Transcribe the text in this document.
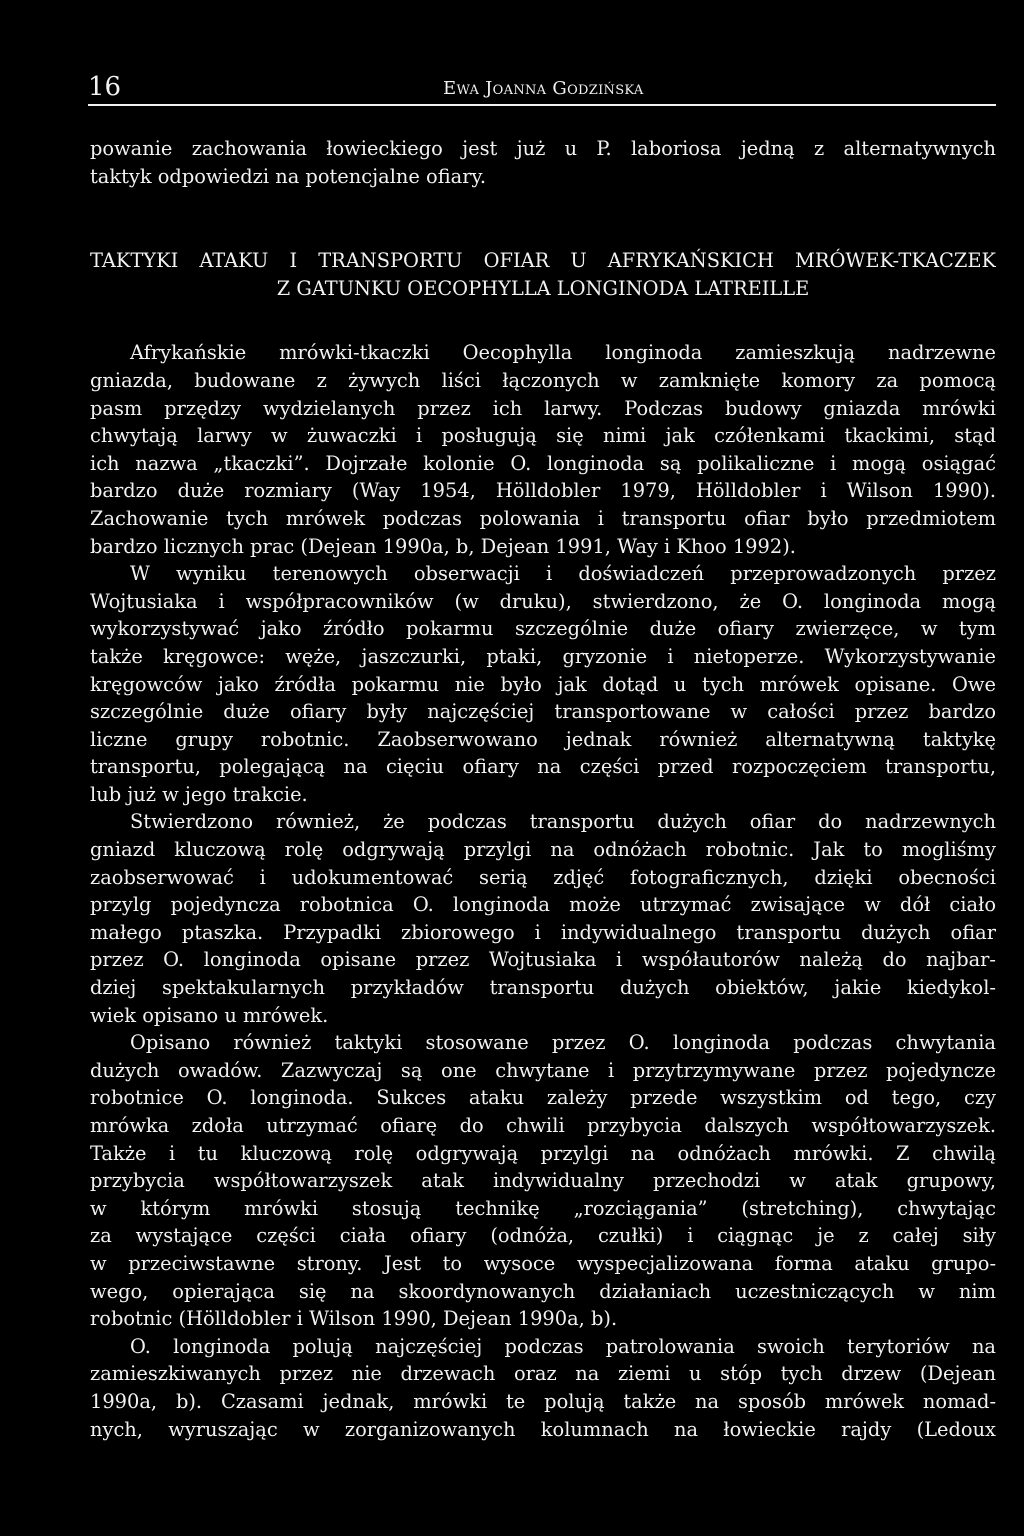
16	Ewa Joanna Godzińska
powanie zachowania łowieckiego jest już u P. laboriosa jedną z alternatywnych
taktyk odpowiedzi na potencjalne ofiary.
TAKTYKI ATAKU I TRANSPORTU OFIAR U AFRYKAŃSKICH MRÓWEK-TKACZEK
Z GATUNKU OECOPHYLLA LONGINODA LATREILLE
Afrykańskie mrówki-tkaczki Oecophylla longinoda zamieszkują nadrzewne
gniazda, budowane z żywych liści łączonych w zamknięte komory za pomocą
pasm przędzy wydzielanych przez ich larwy. Podczas budowy gniazda mrówki
chwytają larwy w żuwaczki i posługują się nimi jak czółenkami tkackimi, stąd
ich nazwa „tkaczki”. Dojrzałe kolonie O. longinoda są polikaliczne i mogą osiągać
bardzo duże rozmiary (Way 1954, Hölldobler 1979, Hölldobler i Wilson 1990).
Zachowanie tych mrówek podczas polowania i transportu ofiar było przedmiotem
bardzo licznych prac (Dejean 1990a, b, Dejean 1991, Way i Khoo 1992).
W wyniku terenowych obserwacji i doświadczeń przeprowadzonych przez
Wojtusiaka i współpracowników (w druku), stwierdzono, że O. longinoda mogą
wykorzystywać jako źródło pokarmu szczególnie duże ofiary zwierzęce, w tym
także kręgowce: węże, jaszczurki, ptaki, gryzonie i nietoperze. Wykorzystywanie
kręgowców jako źródła pokarmu nie było jak dotąd u tych mrówek opisane. Owe
szczególnie duże ofiary były najczęściej transportowane w całości przez bardzo
liczne grupy robotnic. Zaobserwowano jednak również alternatywną taktykę
transportu, polegającą na cięciu ofiary na części przed rozpoczęciem transportu,
lub już w jego trakcie.
Stwierdzono również, że podczas transportu dużych ofiar do nadrzewnych
gniazd kluczową rolę odgrywają przylgi na odnóżach robotnic. Jak to mogliśmy
zaobserwować i udokumentować serią zdjęć fotograficznych, dzięki obecności
przylg pojedyncza robotnica O. longinoda może utrzymać zwisające w dół ciało
małego ptaszka. Przypadki zbiorowego i indywidualnego transportu dużych ofiar
przez O. longinoda opisane przez Wojtusiaka i współautorów należą do najbar-
dziej spektakularnych przykładów transportu dużych obiektów, jakie kiedykol-
wiek opisano u mrówek.
Opisano również taktyki stosowane przez O. longinoda podczas chwytania
dużych owadów. Zazwyczaj są one chwytane i przytrzymywane przez pojedyncze
robotnice O. longinoda. Sukces ataku zależy przede wszystkim od tego, czy
mrówka zdoła utrzymać ofiarę do chwili przybycia dalszych współtowarzyszek.
Także i tu kluczową rolę odgrywają przylgi na odnóżach mrówki. Z chwilą
przybycia współtowarzyszek atak indywidualny przechodzi w atak grupowy,
w którym mrówki stosują technikę „rozciągania” (stretching), chwytając
za wystające części ciała ofiary (odnóża, czułki) i ciągnąc je z całej siły
w przeciwstawne strony. Jest to wysoce wyspecjalizowana forma ataku grupo-
wego, opierająca się na skoordynowanych działaniach uczestniczących w nim
robotnic (Hölldobler i Wilson 1990, Dejean 1990a, b).
O. longinoda polują najczęściej podczas patrolowania swoich terytoriów na
zamieszkiwanych przez nie drzewach oraz na ziemi u stóp tych drzew (Dejean
1990a, b). Czasami jednak, mrówki te polują także na sposób mrówek nomad-
nych, wyruszając w zorganizowanych kolumnach na łowieckie rajdy (Ledoux
